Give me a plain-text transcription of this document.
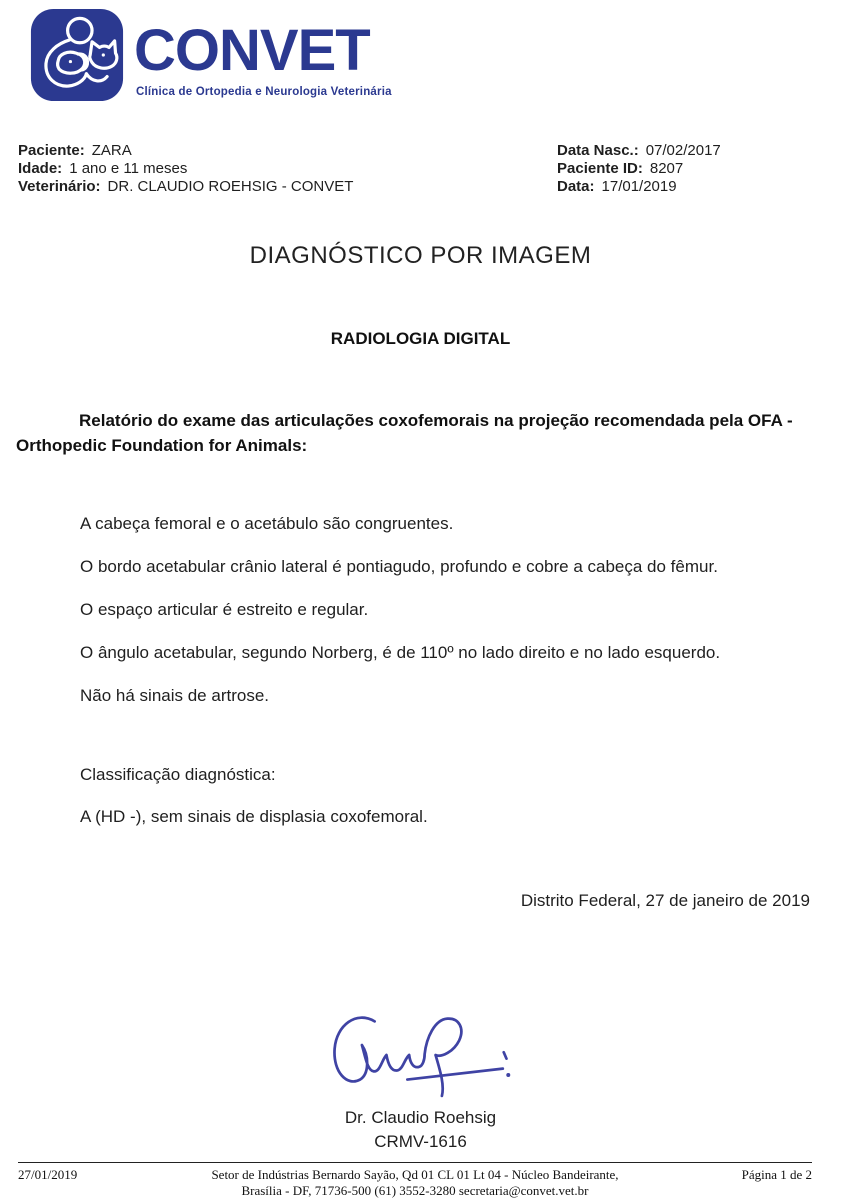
CONVET
Clínica de Ortopedia e Neurologia Veterinária
Paciente: ZARA
Idade: 1 ano e 11 meses
Veterinário: DR. CLAUDIO ROEHSIG - CONVET
Data Nasc.: 07/02/2017
Paciente ID: 8207
Data: 17/01/2019
DIAGNÓSTICO POR IMAGEM
RADIOLOGIA DIGITAL

Relatório do exame das articulações coxofemorais na projeção recomendada pela OFA - Orthopedic Foundation for Animals:

A cabeça femoral e o acetábulo são congruentes.

O bordo acetabular crânio lateral é pontiagudo, profundo e cobre a cabeça do fêmur.

O espaço articular é estreito e regular.

O ângulo acetabular, segundo Norberg, é de 110º no lado direito e no lado esquerdo.

Não há sinais de artrose.

Classificação diagnóstica:

A (HD -), sem sinais de displasia coxofemoral.

Distrito Federal, 27 de janeiro de 2019

Dr. Claudio Roehsig
CRMV-1616
27/01/2019	Setor de Indústrias Bernardo Sayão, Qd 01 CL 01 Lt 04 - Núcleo Bandeirante,
Brasília - DF, 71736-500 (61) 3552-3280 secretaria@convet.vet.br
Página 1 de 2
